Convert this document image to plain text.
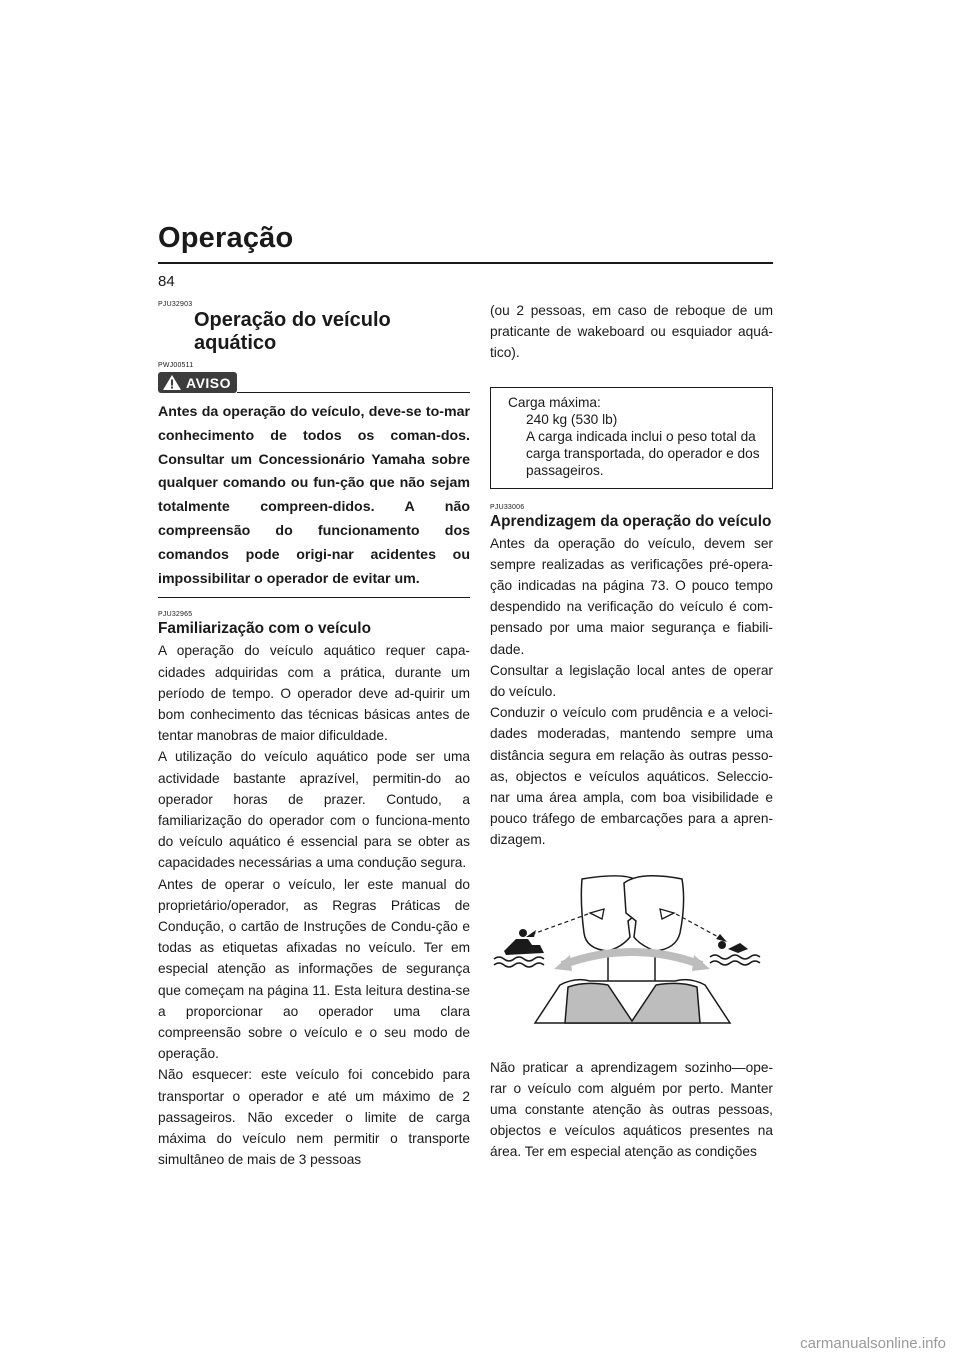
Operação
84

PJU32903

Operação do veículo aquático

PWJ00511

AVISO

Antes da operação do veículo, deve-se to-mar conhecimento de todos os coman-dos. Consultar um Concessionário Yamaha sobre qualquer comando ou fun-ção que não sejam totalmente compreen-didos. A não compreensão do funcionamento dos comandos pode origi-nar acidentes ou impossibilitar o operador de evitar um.

PJU32965

Familiarização com o veículo

A operação do veículo aquático requer capa-cidades adquiridas com a prática, durante um período de tempo. O operador deve ad-quirir um bom conhecimento das técnicas básicas antes de tentar manobras de maior dificuldade.

A utilização do veículo aquático pode ser uma actividade bastante aprazível, permitin-do ao operador horas de prazer. Contudo, a familiarização do operador com o funciona-mento do veículo aquático é essencial para se obter as capacidades necessárias a uma condução segura.

Antes de operar o veículo, ler este manual do proprietário/operador, as Regras Práticas de Condução, o cartão de Instruções de Condu-ção e todas as etiquetas afixadas no veículo. Ter em especial atenção as informações de segurança que começam na página 11. Esta leitura destina-se a proporcionar ao operador uma clara compreensão sobre o veículo e o seu modo de operação.

Não esquecer: este veículo foi concebido para transportar o operador e até um máximo de 2 passageiros. Não exceder o limite de carga máxima do veículo nem permitir o transporte simultâneo de mais de 3 pessoas

(ou 2 pessoas, em caso de reboque de um praticante de wakeboard ou esquiador aquá-tico).

Carga máxima:
240 kg (530 lb)
A carga indicada inclui o peso total da carga transportada, do operador e dos passageiros.

PJU33006

Aprendizagem da operação do veículo

Antes da operação do veículo, devem ser sempre realizadas as verificações pré-opera-ção indicadas na página 73. O pouco tempo despendido na verificação do veículo é com-pensado por uma maior segurança e fiabili-dade.

Consultar a legislação local antes de operar do veículo.

Conduzir o veículo com prudência e a veloci-dades moderadas, mantendo sempre uma distância segura em relação às outras pesso-as, objectos e veículos aquáticos. Seleccio-nar uma área ampla, com boa visibilidade e pouco tráfego de embarcações para a apren-dizagem.

Não praticar a aprendizagem sozinho—ope-rar o veículo com alguém por perto. Manter uma constante atenção às outras pessoas, objectos e veículos aquáticos presentes na área. Ter em especial atenção as condições

carmanualsonline.info
